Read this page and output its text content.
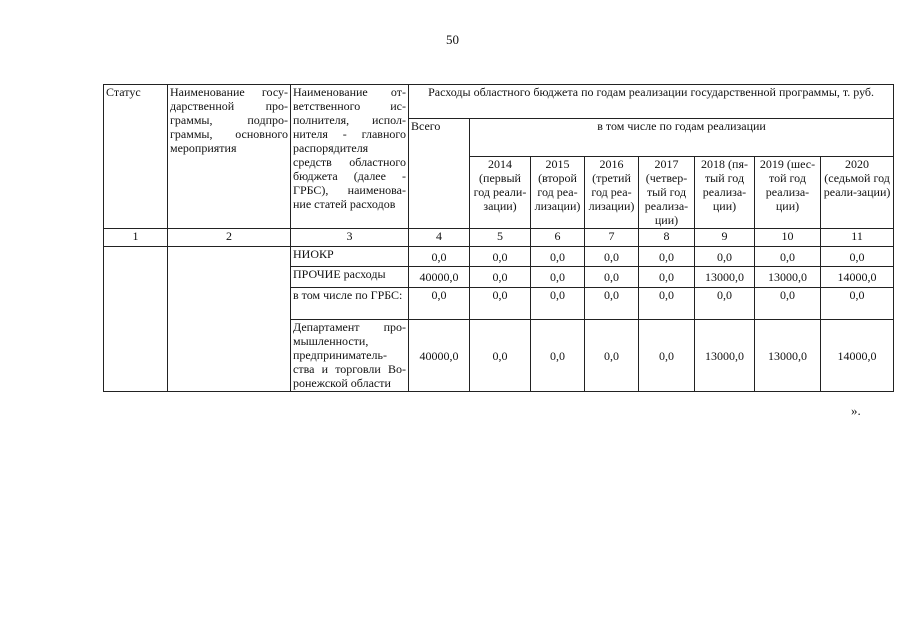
50
Статус	Наименование госу-дарственной про-граммы, подпро-граммы, основного мероприятия	Наименование от-ветственного ис-полнителя, испол-нителя - главного распорядителя средств областного бюджета (далее - ГРБС), наименова-ние статей расходов	Расходы областного бюджета по годам реализации государственной программы, т. руб.							
			Всего	в том числе по годам реализации						
				2014 (первый год реали-зации)	2015 (второй год реа-лизации)	2016 (третий год реа-лизации)	2017 (четвер-тый год реализа-ции)	2018 (пя-тый год реализа-ции)	2019 (шес-той год реализа-ции)	2020 (седьмой год реали-зации)
1	2	3	4	5	6	7	8	9	10	11
		НИОКР	0,0	0,0	0,0	0,0	0,0	0,0	0,0	0,0
		ПРОЧИЕ расходы	40000,0	0,0	0,0	0,0	0,0	13000,0	13000,0	14000,0
		в том числе по ГРБС:	0,0	0,0	0,0	0,0	0,0	0,0	0,0	0,0
		Департамент про-мышленности, предприниматель-ства и торговли Во-ронежской области	40000,0	0,0	0,0	0,0	0,0	13000,0	13000,0	14000,0
».
